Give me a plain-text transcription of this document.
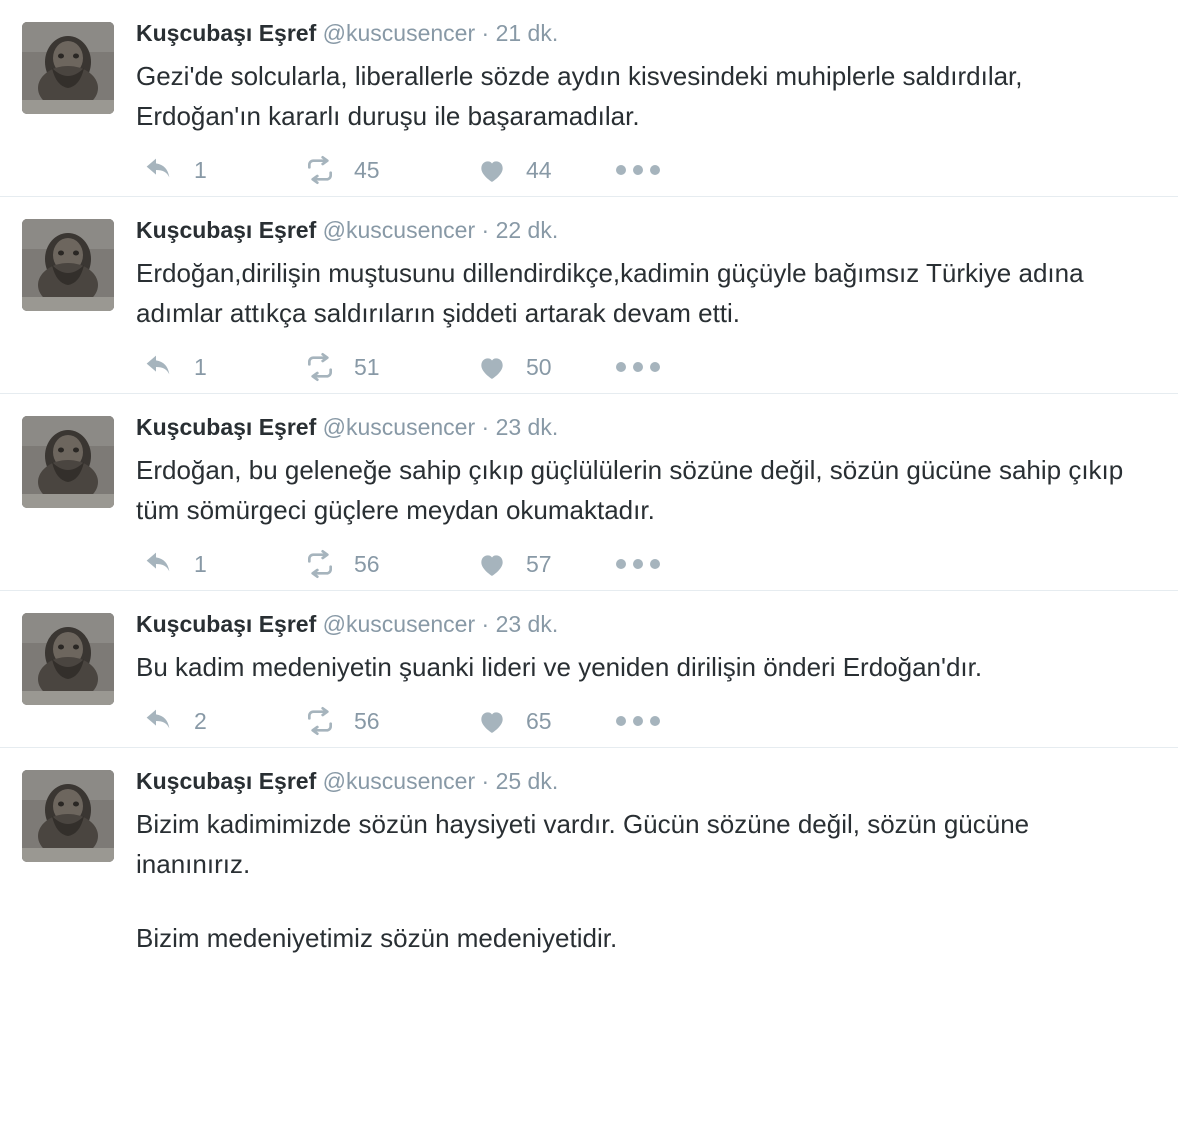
Kuşcubaşı Eşref @kuscusencer · 21 dk.

Gezi'de solcularla, liberallerle sözde aydın kisvesindeki muhiplerle saldırdılar, Erdoğan'ın kararlı duruşu ile başaramadılar.

1	45	44
Kuşcubaşı Eşref @kuscusencer · 22 dk.

Erdoğan,dirilişin muştusunu dillendirdikçe,kadimin güçüyle bağımsız Türkiye adına adımlar attıkça saldırıların şiddeti artarak devam etti.

1	51	50
Kuşcubaşı Eşref @kuscusencer · 23 dk.

Erdoğan, bu geleneğe sahip çıkıp güçlülülerin sözüne değil, sözün gücüne sahip çıkıp tüm sömürgeci güçlere meydan okumaktadır.

1	56	57
Kuşcubaşı Eşref @kuscusencer · 23 dk.

Bu kadim medeniyetin şuanki lideri ve yeniden dirilişin önderi Erdoğan'dır.

2	56	65
Kuşcubaşı Eşref @kuscusencer · 25 dk.

Bizim kadimimizde sözün haysiyeti vardır. Gücün sözüne değil, sözün gücüne inanınırız.

Bizim medeniyetimiz sözün medeniyetidir.
